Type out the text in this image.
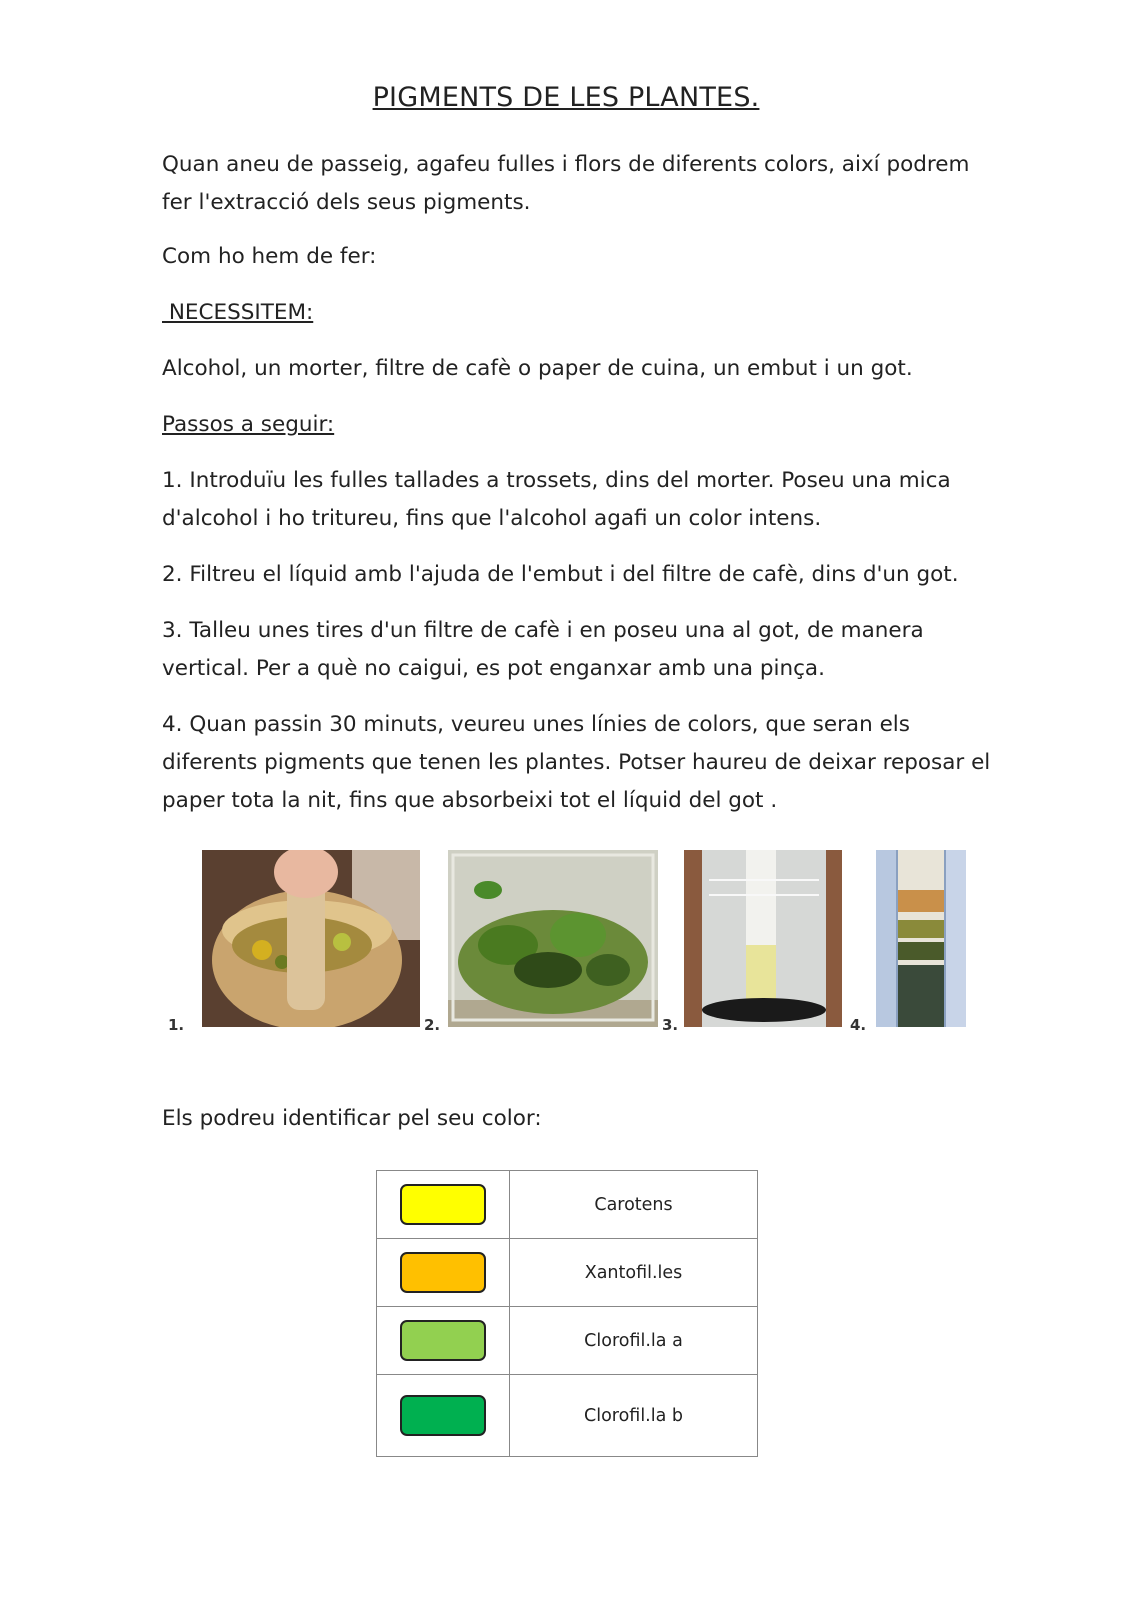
PIGMENTS DE LES PLANTES.

Quan aneu de passeig, agafeu fulles i flors de diferents colors, així podrem fer l'extracció dels seus pigments.

Com ho hem de fer:

NECESSITEM:

Alcohol, un morter, filtre de cafè o paper de cuina, un embut i un got.

Passos a seguir:

1. Introduïu les fulles tallades a trossets, dins del morter. Poseu una mica d'alcohol i ho tritureu, fins que l'alcohol agafi un color intens.

2. Filtreu el líquid amb l'ajuda de l'embut i del filtre de cafè, dins d'un got.

3. Talleu unes tires d'un filtre de cafè i en poseu una al got, de manera vertical. Per a què no caigui, es pot enganxar amb una pinça.

4. Quan passin 30 minuts, veureu unes línies de colors, que seran els diferents pigments que tenen les plantes. Potser haureu de deixar reposar el paper tota la nit, fins que absorbeixi tot el líquid del got .

1.	2.	3.	4.
Els podreu identificar pel seu color:
	Carotens
	Xantofil.les
	Clorofil.la a
	Clorofil.la b
